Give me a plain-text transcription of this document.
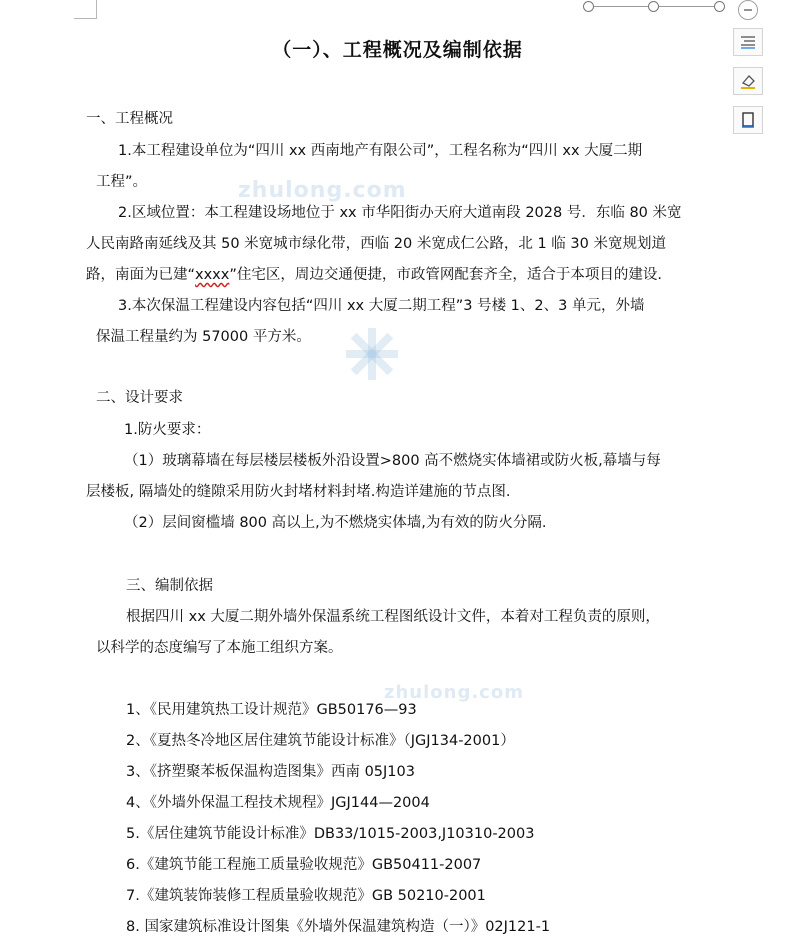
zhulong.com
zhulong.com
（一）、工程概况及编制依据
一、工程概况
1.本工程建设单位为“四川 xx 西南地产有限公司”，工程名称为“四川 xx 大厦二期
工程”。
2.区域位置：本工程建设场地位于 xx 市华阳街办天府大道南段 2028 号．东临 80 米宽
人民南路南延线及其 50 米宽城市绿化带，西临 20 米宽成仁公路，北 1 临 30 米宽规划道
路，南面为已建“xxxx”住宅区，周边交通便捷，市政管网配套齐全，适合于本项目的建设.
3.本次保温工程建设内容包括“四川 xx 大厦二期工程”3 号楼 1、2、3 单元，外墙
保温工程量约为 57000 平方米。
二、设计要求
1.防火要求：
（1）玻璃幕墙在每层楼层楼板外沿设置>800 高不燃烧实体墙裙或防火板,幕墙与每
层楼板, 隔墙处的缝隙采用防火封堵材料封堵.构造详建施的节点图.
（2）层间窗槛墙 800 高以上,为不燃烧实体墙,为有效的防火分隔.
三、编制依据
根据四川 xx 大厦二期外墙外保温系统工程图纸设计文件，本着对工程负责的原则，
以科学的态度编写了本施工组织方案。
1、《民用建筑热工设计规范》GB50176—93
2、《夏热冬冷地区居住建筑节能设计标准》（JGJ134-2001）
3、《挤塑聚苯板保温构造图集》西南 05J103
4、《外墙外保温工程技术规程》JGJ144—2004
5.《居住建筑节能设计标准》DB33/1015-2003,J10310-2003
6.《建筑节能工程施工质量验收规范》GB50411-2007
7.《建筑装饰装修工程质量验收规范》GB 50210-2001
8. 国家建筑标准设计图集《外墙外保温建筑构造（一）》02J121-1
